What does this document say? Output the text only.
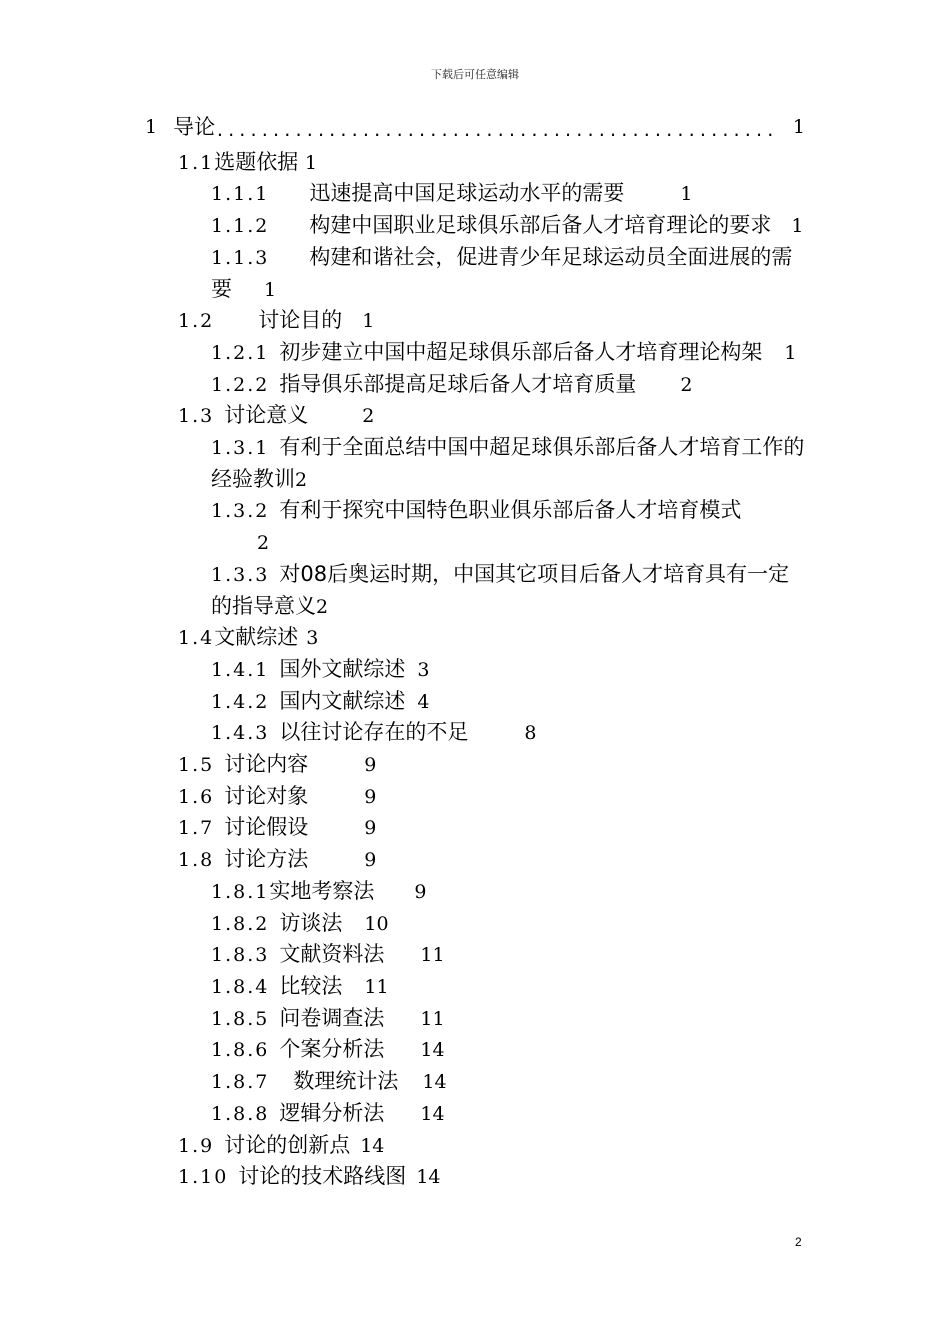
下载后可任意编辑
1 导论 .................................................. 1
1.1选题依据 1
1.1.1 迅速提高中国足球运动水平的需要	1
1.1.2 构建中国职业足球俱乐部后备人才培育理论的要求 1
1.1.3 构建和谐社会，促进青少年足球运动员全面进展的需要 1
1.2 讨论目的 1
1.2.1 初步建立中国中超足球俱乐部后备人才培育理论构架 1
1.2.2 指导俱乐部提高足球后备人才培育质量 2
1.3 讨论意义	2
1.3.1 有利于全面总结中国中超足球俱乐部后备人才培育工作的经验教训2
1.3.2 有利于探究中国特色职业俱乐部后备人才培育模式
2
1.3.3 对08后奥运时期，中国其它项目后备人才培育具有一定的指导意义2
1.4文献综述 3
1.4.1 国外文献综述 3
1.4.2 国内文献综述 4
1.4.3 以往讨论存在的不足	8
1.5 讨论内容	9
1.6 讨论对象	9
1.7 讨论假设	9
1.8 讨论方法	9
1.8.1实地考察法 9
1.8.2 访谈法 10
1.8.3 文献资料法 11
1.8.4 比较法 11
1.8.5 问卷调查法 11
1.8.6 个案分析法 14
1.8.7 数理统计法 14
1.8.8 逻辑分析法 14
1.9 讨论的创新点 14
1.10 讨论的技术路线图 14
2
